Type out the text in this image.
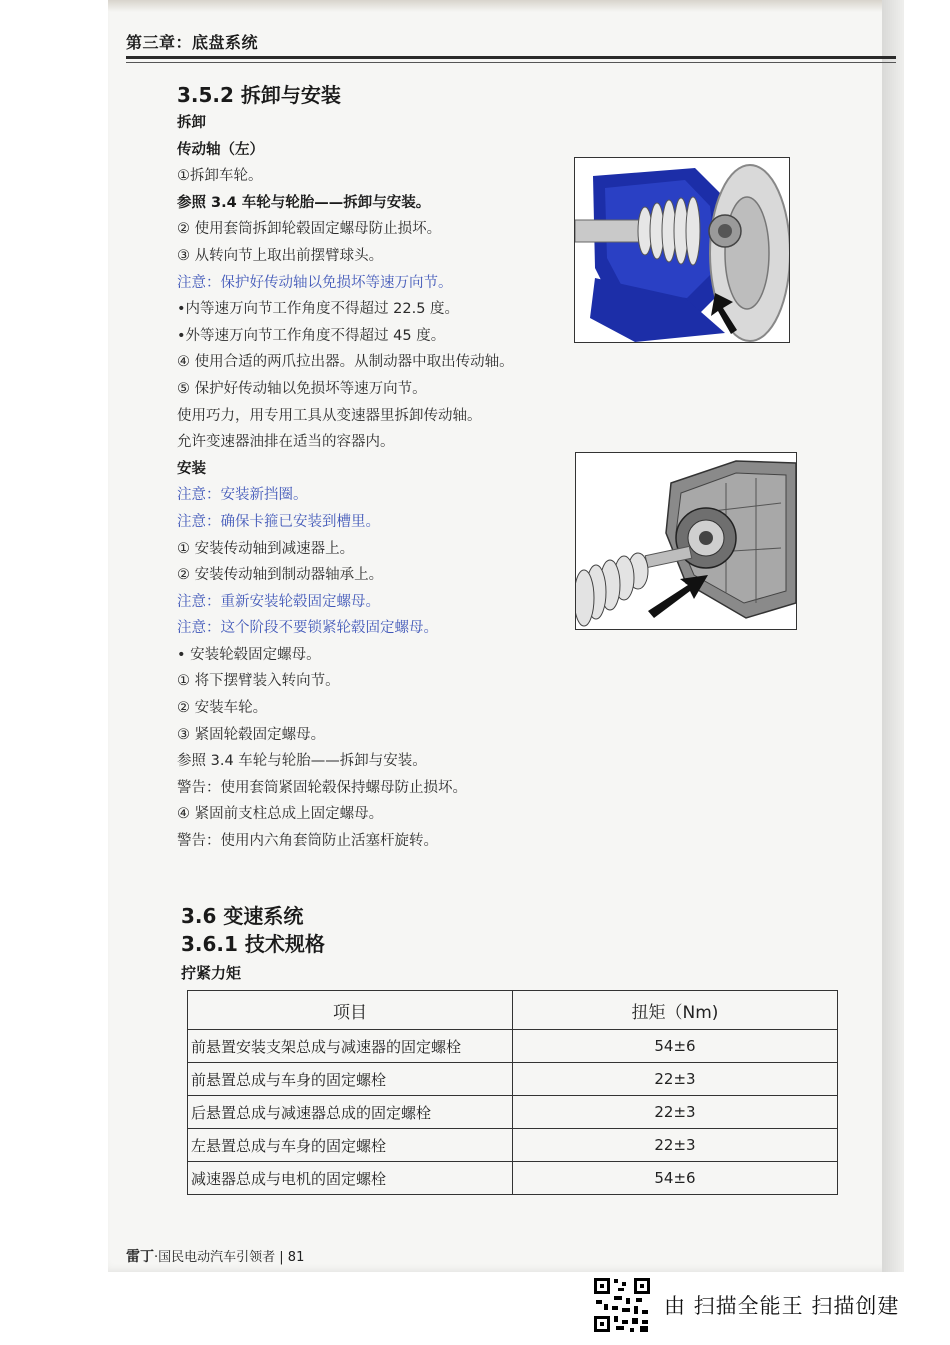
第三章：底盘系统
3.5.2 拆卸与安装
拆卸
传动轴（左）
①拆卸车轮。
参照 3.4 车轮与轮胎——拆卸与安装。
② 使用套筒拆卸轮毂固定螺母防止损坏。
③ 从转向节上取出前摆臂球头。
注意：保护好传动轴以免损坏等速万向节。
•内等速万向节工作角度不得超过 22.5 度。
•外等速万向节工作角度不得超过 45 度。
④ 使用合适的两爪拉出器。从制动器中取出传动轴。
⑤ 保护好传动轴以免损坏等速万向节。
使用巧力，用专用工具从变速器里拆卸传动轴。
允许变速器油排在适当的容器内。
安装
注意：安装新挡圈。
注意：确保卡箍已安装到槽里。
① 安装传动轴到减速器上。
② 安装传动轴到制动器轴承上。
注意：重新安装轮毂固定螺母。
注意：这个阶段不要锁紧轮毂固定螺母。
• 安装轮毂固定螺母。
① 将下摆臂装入转向节。
② 安装车轮。
③ 紧固轮毂固定螺母。
参照 3.4 车轮与轮胎——拆卸与安装。
警告：使用套筒紧固轮毂保持螺母防止损坏。
④ 紧固前支柱总成上固定螺母。
警告：使用内六角套筒防止活塞杆旋转。
3.6 变速系统
3.6.1 技术规格
拧紧力矩
项目	扭矩（Nm)
前悬置安装支架总成与减速器的固定螺栓	54±6
前悬置总成与车身的固定螺栓	22±3
后悬置总成与减速器总成的固定螺栓	22±3
左悬置总成与车身的固定螺栓	22±3
减速器总成与电机的固定螺栓	54±6
雷丁·国民电动汽车引领者 | 81
由 扫描全能王 扫描创建
